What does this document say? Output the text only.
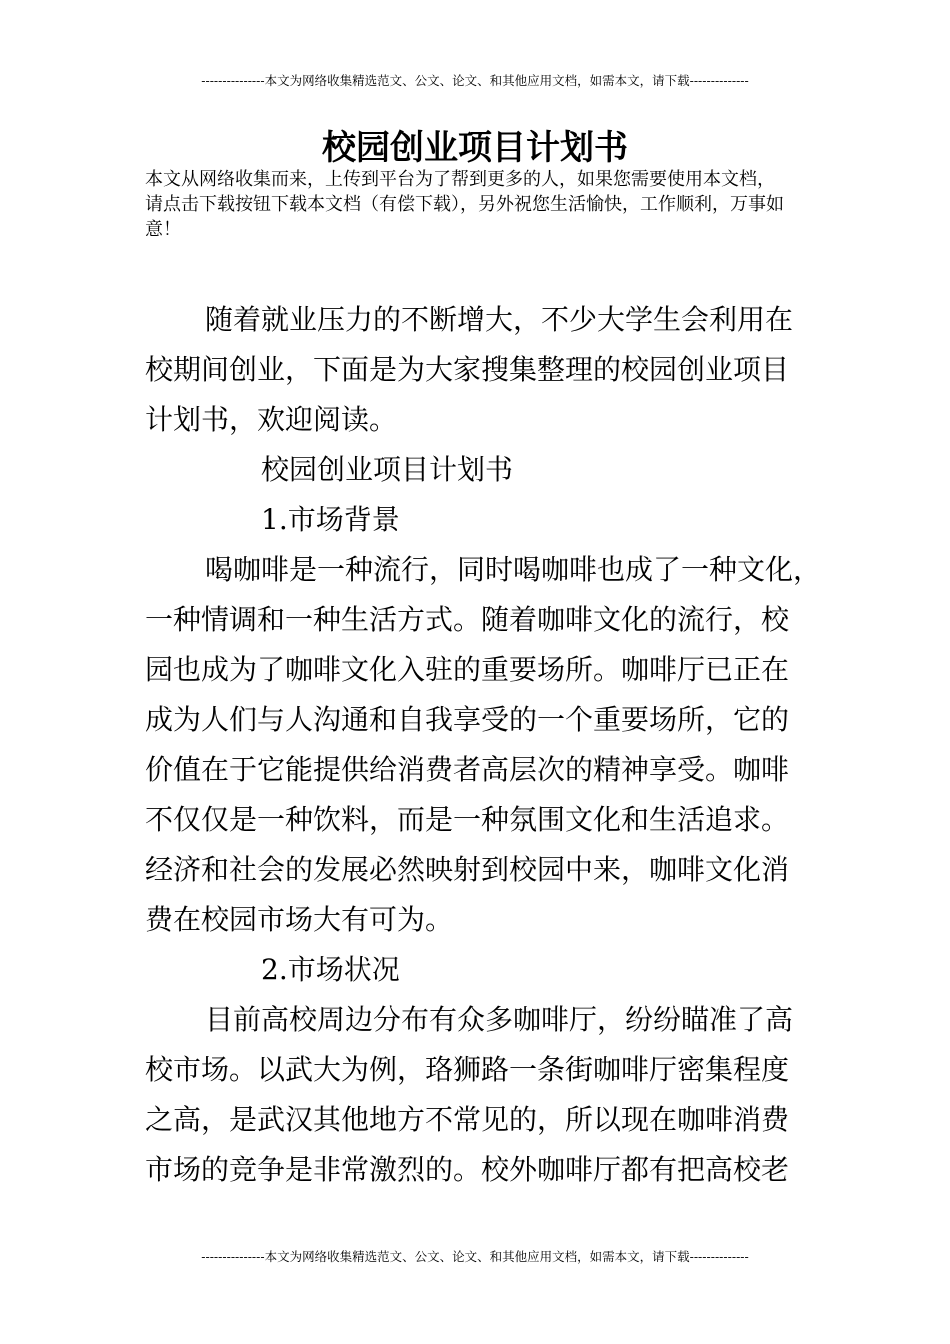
---------------本文为网络收集精选范文、公文、论文、和其他应用文档，如需本文，请下载--------------
校园创业项目计划书
本文从网络收集而来，上传到平台为了帮到更多的人，如果您需要使用本文档，
请点击下载按钮下载本文档（有偿下载），另外祝您生活愉快，工作顺利，万事如
意！
随着就业压力的不断增大，不少大学生会利用在
校期间创业，下面是为大家搜集整理的校园创业项目
计划书，欢迎阅读。
校园创业项目计划书
1.市场背景
喝咖啡是一种流行，同时喝咖啡也成了一种文化，
一种情调和一种生活方式。随着咖啡文化的流行，校
园也成为了咖啡文化入驻的重要场所。咖啡厅已正在
成为人们与人沟通和自我享受的一个重要场所，它的
价值在于它能提供给消费者高层次的精神享受。咖啡
不仅仅是一种饮料，而是一种氛围文化和生活追求。
经济和社会的发展必然映射到校园中来，咖啡文化消
费在校园市场大有可为。
2.市场状况
目前高校周边分布有众多咖啡厅，纷纷瞄准了高
校市场。以武大为例，珞狮路一条街咖啡厅密集程度
之高，是武汉其他地方不常见的，所以现在咖啡消费
市场的竞争是非常激烈的。校外咖啡厅都有把高校老
---------------本文为网络收集精选范文、公文、论文、和其他应用文档，如需本文，请下载--------------
